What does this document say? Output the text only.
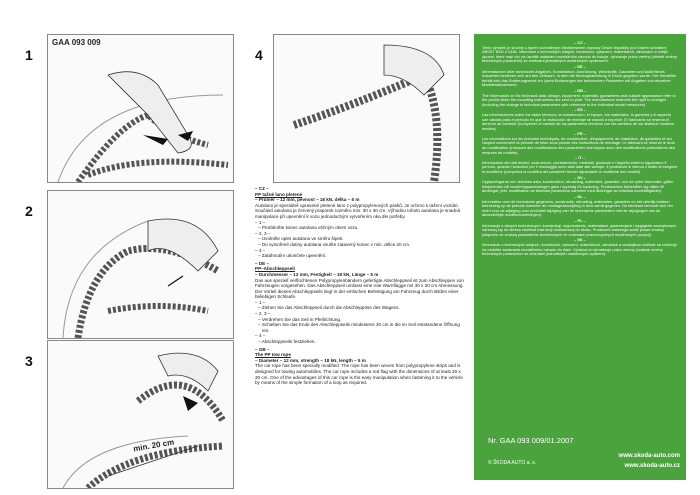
1	4
2
3
GAA 093 009
min. 20 cm
– CZ –
PP tažné lano pletené
– Průměr – 12 mm, pevnost – 18 kN, délka – 5 m
Autolano je speciálně upravené pletené lano z polypropylenových pásků. Je určeno k tažení vozidel. Součástí autolana je červený praporek rozměru min. 30 x 30 cm. Výhodou tohoto autolana je snadná manipulace při upevnění k vozu jednoduchým vytvořením oka dle potřeby.
– 1 –
– Protáhněte konec autolana věčným okem vozu.
– 2, 3 –
– Uvolněte oplet autolana ve směru šipek.
– Do vytvořené dutiny autolana vsuňte zatavený konec v min. délce 20 cm.
– 4 –
– Zatáhnutím ukončete upevnění.
– DE –
PP–Abschleppseil
– Durchmesser – 12 mm, Festigkeit – 18 kN, Länge – 5 m
Das aus speziell verflochtenen Polypropylenbändern gefertigte Abschleppseil ist zum Abschleppen von Fahrzeugen vorgesehen. Das Abschleppseil umfasst eine rote Warnflagge mit 30 x 30 cm Abmessung. Der Vorteil dieses Abschleppseils liegt in der einfachen Befestigung am Fahrzeug durch Bilden einer beliebigen Schlaufe.
– 1 –
– Ziehen Sie das Abschleppseil durch die Abschleppöse des Wagens.
– 2, 3 –
– Verdrehen Sie das Seil in Pfeilrichtung.
– Schieben Sie das Ende des Abschleppseils mindestens 20 cm in die im Seil entstandene Öffnung ein.
– 4 –
– Abschleppseils festziehen.
– GB –
The PP tow rope
– Diameter – 12 mm, strength – 18 kN, length – 5 m
The car rope has been specially modified. The rope has been woven from polypropylene strips and is designed for towing automobiles. The car rope includes a red flag with the dimensions of at least 30 x 30 cm. One of the advantages of this car rope is the easy manipulation when fastening it to the vehicle by means of the simple formation of a loop as required.
– CZ –
Tento výrobek je shodný s typem schváleným Ministerstvem dopravy České republiky pod číslem schválení ABSST BSD č.1436. Informace o technických údajích, konstrukci, vybavení, materiálech, závlukách a vnější úpravě, které mají vliv na úsobilé zadávání montážního návodu do tiskuje, vyhrazuje právo změny (včetně změny technických parametrů) se změnami jednotlivých modelových vyobrazení.
– DE –
Informationen über technische Angaben, Konstruktion, Ausrüstung, Werkstoffe, Garantien und äußerliches Aussehen beziehen sich auf den Zeitraum, in dem die Montageanleitung in Druck gegeben wurde. Der Hersteller behält sich das Änderungsrecht vor (samt Änderungen der technischen Parameter mit Angaben von einzelner Modellmaßnahmen).
– GB –
The information on the technical data, design, equipment, materials, guarantees and outside appearance refer to the period when the mounting instructions are sent to print. The manufacturer reserves the right to changes (including the change in technical parameters with reference to the individual model measures).
– ES –
Las informaciones sobre los datos técnicos, la construcción, el equipo, los materiales, la garantía y el aspecto son válidas para el período en que la instrucción de montaje se mandó a imprimir. El fabricante se reserva el derecho de cambiar (incluyendo el cambio de los parámetros técnicos con los cambios de los distintos modelos medios).
– FR –
Les informations sur les données techniques, de construction, d'équipement, de matériaux, de garanties et sur l'aspect concernent la période de mise sous presse des instructions de montage. Le fabricant se réserve le droit de modification (inclusant des modifications des paramètres techniques avec des modifications particulières des mesures de modèle).
– IT –
Informazioni dei dati tecnici, costruzione, corredamento, materiali, garanzie e l'aspetto esterno riguardano il periodo, quando l'istruzioni per il montaggio sono stati date alle stampe. Il produttore si riserva il diritto di eseguire le modifiche (compresa la modifica dei parametri tecnici riguardanti la modifiche dei modelli).
– SV –
Upplysningarna om: tekniska data, konstruktion, utrustning, materialet, garantier, och om yttre utseendet, gäller tidsperioden då monteringsanvisningen gavs i uppdrag för tryckning. Producenten förbehåller sig rätten till ändringar (inkl. modifikation av tekniska parametrar sammen med ändringar av enskilda modellåtgärder).
– NL –
Informaties over de technische gegevens, constructie, uitrusting, materialen, garanties en het uiterlijk hebben betrekking op de periode wanneer de montageaanwijzing in druk werdt gegeven. De fabrikant behoudt zich het recht voor de wijziging voor (inclusief wijziging van de technische parameters met de wijzigingen van de afzonderlijke modelvoorzieningen).
– PL –
Informacje o danych technicznych, konstrukcji, wyposażeniu, materiałach, gwarancjach i wyglądzie zewnętrznym odnoszą się do okresu złożenia instrukcji montażowej do druku. Producent zastrzega sobie prawo zmiany (włącznie ze zmianą parametrów technicznych ze zmianami poszczególnych modelowych pozycji).
– SK –
Informácie o technických údajoch, konštrukcii, vybavení, materiáloch, zárukách a vonkajšom vzhľade sa vzťahujú na obdobie zadávania montážneho návodu do tlače. Výrobca si vyhradzuje právo zmeny (vrátane zmeny technických parametrov so zmenami jednotlivých modelových opatrení).
Nr. GAA 093 009/01.2007
© ŠKODA AUTO a. s.
www.skoda-auto.com
www.skoda-auto.cz
